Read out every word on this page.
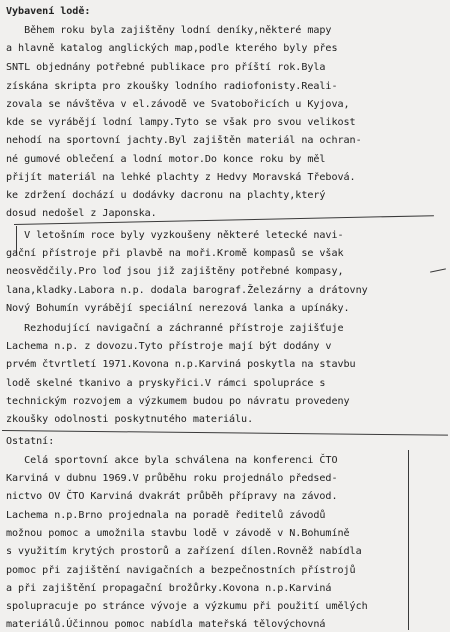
Vybavení lodě:
Během roku byla zajištěny lodní deníky,některé mapy
a hlavně katalog anglických map,podle kterého byly přes
SNTL objednány potřebné publikace pro příští rok.Byla
získána skripta pro zkoušky lodního radiofonisty.Reali-
zovala se návštěva v el.závodě ve Svatobořicích u Kyjova,
kde se vyrábějí lodní lampy.Tyto se však pro svou velikost
nehodí na sportovní jachty.Byl zajištěn materiál na ochran-
né gumové oblečení a lodní motor.Do konce roku by měl
přijít materiál na lehké plachty z Hedvy Moravská Třebová.
ke zdržení dochází u dodávky dacronu na plachty,který
dosud nedošel z Japonska.
V letošním roce byly vyzkoušeny některé letecké navi-
gační přístroje při plavbě na moři.Kromě kompasů se však
neosvědčily.Pro loď jsou již zajištěny potřebné kompasy,
lana,kladky.Labora n.p. dodala barograf.Železárny a drátovny
Nový Bohumín vyrábějí speciální nerezová lanka a upínáky.
Rezhodující navigační a záchranné přístroje zajišťuje
Lachema n.p. z dovozu.Tyto přístroje mají být dodány v
prvém čtvrtletí 1971.Kovona n.p.Karviná poskytla na stavbu
lodě skelné tkanivo a pryskyřici.V rámci spolupráce s
technickým rozvojem a výzkumem budou po návratu provedeny
zkoušky odolnosti poskytnutého materiálu.
Ostatní:
Celá sportovní akce byla schválena na konferenci ČTO
Karviná v dubnu 1969.V průběhu roku projednálo předsed-
nictvo OV ČTO Karviná dvakrát průběh přípravy na závod.
Lachema n.p.Brno projednala na poradě ředitelů závodů
možnou pomoc a umožnila stavbu lodě v závodě v N.Bohumíně
s využitím krytých prostorů a zařízení dílen.Rovněž nabídla
pomoc při zajištění navigačních a bezpečnostních přístrojů
a při zajištění propagační brožůrky.Kovona n.p.Karviná
spolupracuje po stránce vývoje a výzkumu při použití umělých
materiálů.Účinnou pomoc nabídla mateřská tělovýchovná
